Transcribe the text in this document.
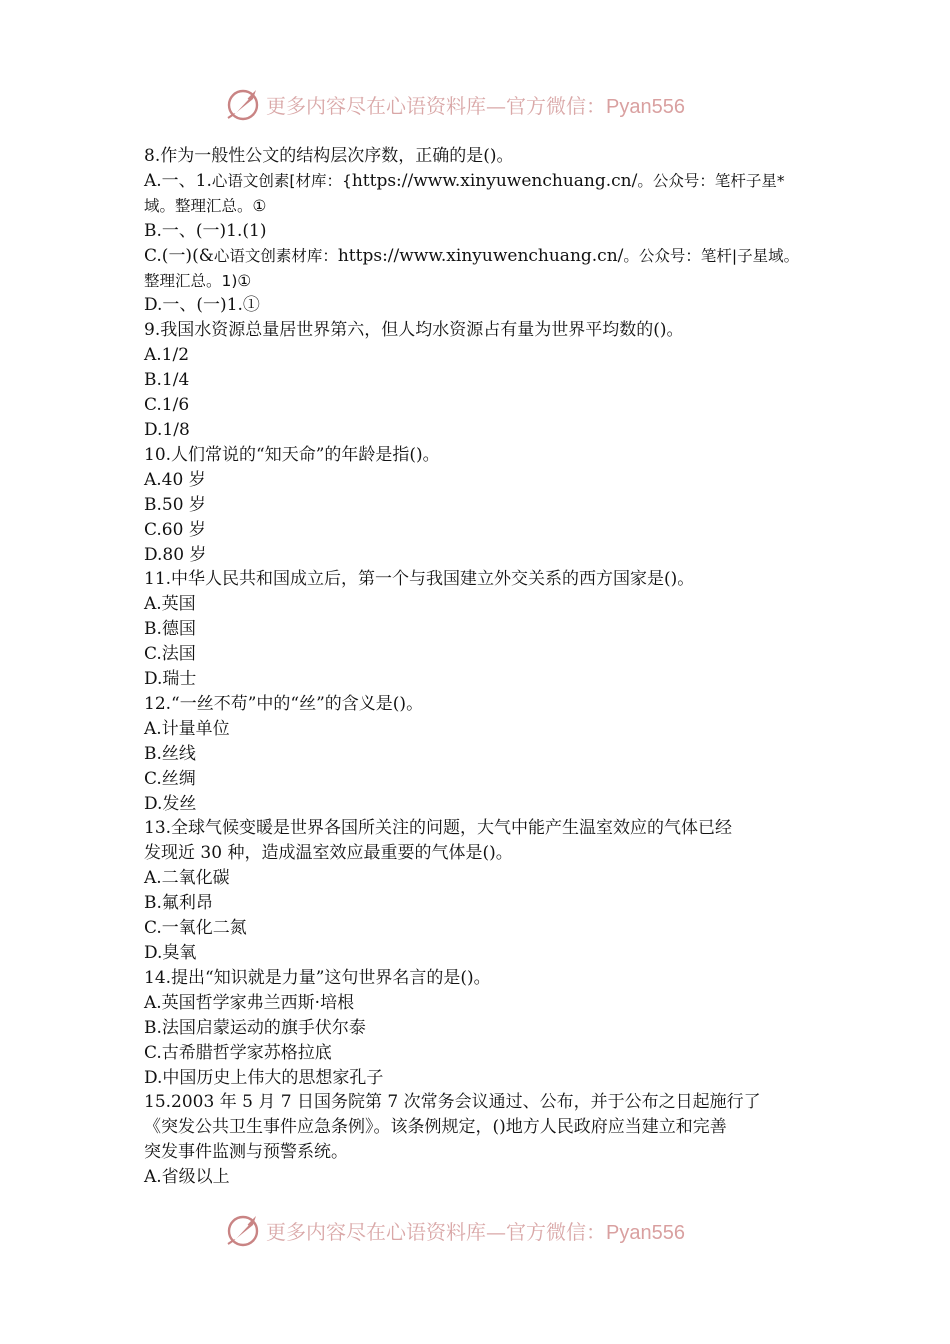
更多内容尽在心语资料库—官方微信：Pyan556
8.作为一般性公文的结构层次序数，正确的是()。
A.一、1.心语文创素[材库：{https://www.xinyuwenchuang.cn/。公众号：笔杆子星*
域。整理汇总。①
B.一、(一)1.(1)
C.(一)(&心语文创素材库：https://www.xinyuwenchuang.cn/。公众号：笔杆|子星域。
整理汇总。1)①
D.一、(一)1.①
9.我国水资源总量居世界第六，但人均水资源占有量为世界平均数的()。
A.1/2
B.1/4
C.1/6
D.1/8
10.人们常说的“知天命”的年龄是指()。
A.40 岁
B.50 岁
C.60 岁
D.80 岁
11.中华人民共和国成立后，第一个与我国建立外交关系的西方国家是()。
A.英国
B.德国
C.法国
D.瑞士
12.“一丝不苟”中的“丝”的含义是()。
A.计量单位
B.丝线
C.丝绸
D.发丝
13.全球气候变暖是世界各国所关注的问题，大气中能产生温室效应的气体已经
发现近 30 种，造成温室效应最重要的气体是()。
A.二氧化碳
B.氟利昂
C.一氧化二氮
D.臭氧
14.提出“知识就是力量”这句世界名言的是()。
A.英国哲学家弗兰西斯·培根
B.法国启蒙运动的旗手伏尔泰
C.古希腊哲学家苏格拉底
D.中国历史上伟大的思想家孔子
15.2003 年 5 月 7 日国务院第 7 次常务会议通过、公布，并于公布之日起施行了
《突发公共卫生事件应急条例》。该条例规定，()地方人民政府应当建立和完善
突发事件监测与预警系统。
A.省级以上
更多内容尽在心语资料库—官方微信：Pyan556
